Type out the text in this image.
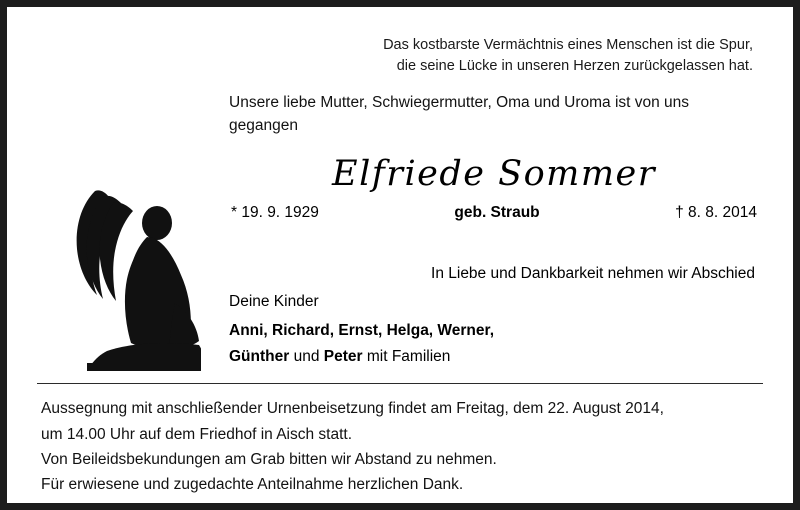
Das kostbarste Vermächtnis eines Menschen ist die Spur,
die seine Lücke in unseren Herzen zurückgelassen hat.
Unsere liebe Mutter, Schwiegermutter, Oma und Uroma ist von uns
gegangen
Elfriede Sommer
* 19. 9. 1929	geb. Straub	† 8. 8. 2014
In Liebe und Dankbarkeit nehmen wir Abschied
Deine Kinder
Anni, Richard, Ernst, Helga, Werner,
Günther und Peter mit Familien
Aussegnung mit anschließender Urnenbeisetzung findet am Freitag, dem 22. August 2014,
um 14.00 Uhr auf dem Friedhof in Aisch statt.
Von Beileidsbekundungen am Grab bitten wir Abstand zu nehmen.
Für erwiesene und zugedachte Anteilnahme herzlichen Dank.
